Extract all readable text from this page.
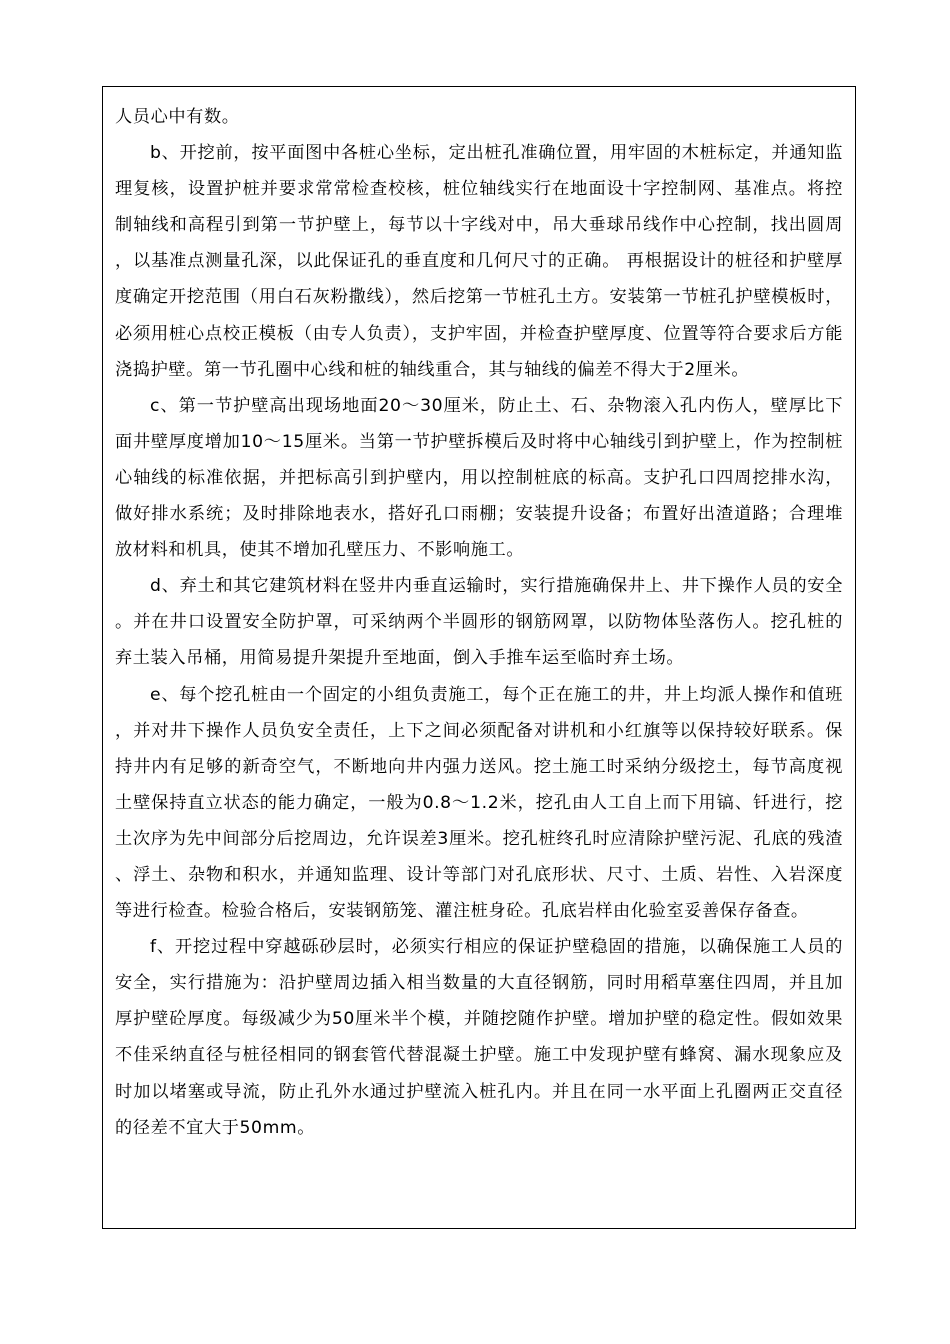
人员心中有数。

b、开挖前，按平面图中各桩心坐标，定出桩孔准确位置，用牢固的木桩标定，并通知监理复核，设置护桩并要求常常检查校核，桩位轴线实行在地面设十字控制网、基准点。将控制轴线和高程引到第一节护壁上，每节以十字线对中，吊大垂球吊线作中心控制，找出圆周，以基准点测量孔深，以此保证孔的垂直度和几何尺寸的正确。 再根据设计的桩径和护壁厚度确定开挖范围（用白石灰粉撒线），然后挖第一节桩孔土方。安装第一节桩孔护壁模板时，必须用桩心点校正模板（由专人负责），支护牢固，并检查护壁厚度、位置等符合要求后方能浇捣护壁。第一节孔圈中心线和桩的轴线重合，其与轴线的偏差不得大于2厘米。

c、第一节护壁高出现场地面20～30厘米，防止土、石、杂物滚入孔内伤人，壁厚比下面井壁厚度增加10～15厘米。当第一节护壁拆模后及时将中心轴线引到护壁上，作为控制桩心轴线的标准依据，并把标高引到护壁内，用以控制桩底的标高。支护孔口四周挖排水沟，做好排水系统；及时排除地表水，搭好孔口雨棚；安装提升设备；布置好出渣道路；合理堆放材料和机具，使其不增加孔壁压力、不影响施工。

d、弃土和其它建筑材料在竖井内垂直运输时，实行措施确保井上、井下操作人员的安全。并在井口设置安全防护罩，可采纳两个半圆形的钢筋网罩，以防物体坠落伤人。挖孔桩的弃土装入吊桶，用简易提升架提升至地面，倒入手推车运至临时弃土场。

e、每个挖孔桩由一个固定的小组负责施工，每个正在施工的井，井上均派人操作和值班，并对井下操作人员负安全责任，上下之间必须配备对讲机和小红旗等以保持较好联系。保持井内有足够的新奇空气，不断地向井内强力送风。挖土施工时采纳分级挖土，每节高度视土壁保持直立状态的能力确定，一般为0.8～1.2米，挖孔由人工自上而下用镐、钎进行，挖土次序为先中间部分后挖周边，允许误差3厘米。挖孔桩终孔时应清除护壁污泥、孔底的残渣、浮土、杂物和积水，并通知监理、设计等部门对孔底形状、尺寸、土质、岩性、入岩深度等进行检查。检验合格后，安装钢筋笼、灌注桩身砼。孔底岩样由化验室妥善保存备查。

f、开挖过程中穿越砾砂层时，必须实行相应的保证护壁稳固的措施，以确保施工人员的安全，实行措施为：沿护壁周边插入相当数量的大直径钢筋，同时用稻草塞住四周，并且加厚护壁砼厚度。每级减少为50厘米半个模，并随挖随作护壁。增加护壁的稳定性。假如效果不佳采纳直径与桩径相同的钢套管代替混凝土护壁。施工中发现护壁有蜂窝、漏水现象应及时加以堵塞或导流，防止孔外水通过护壁流入桩孔内。并且在同一水平面上孔圈两正交直径的径差不宜大于50mm。
